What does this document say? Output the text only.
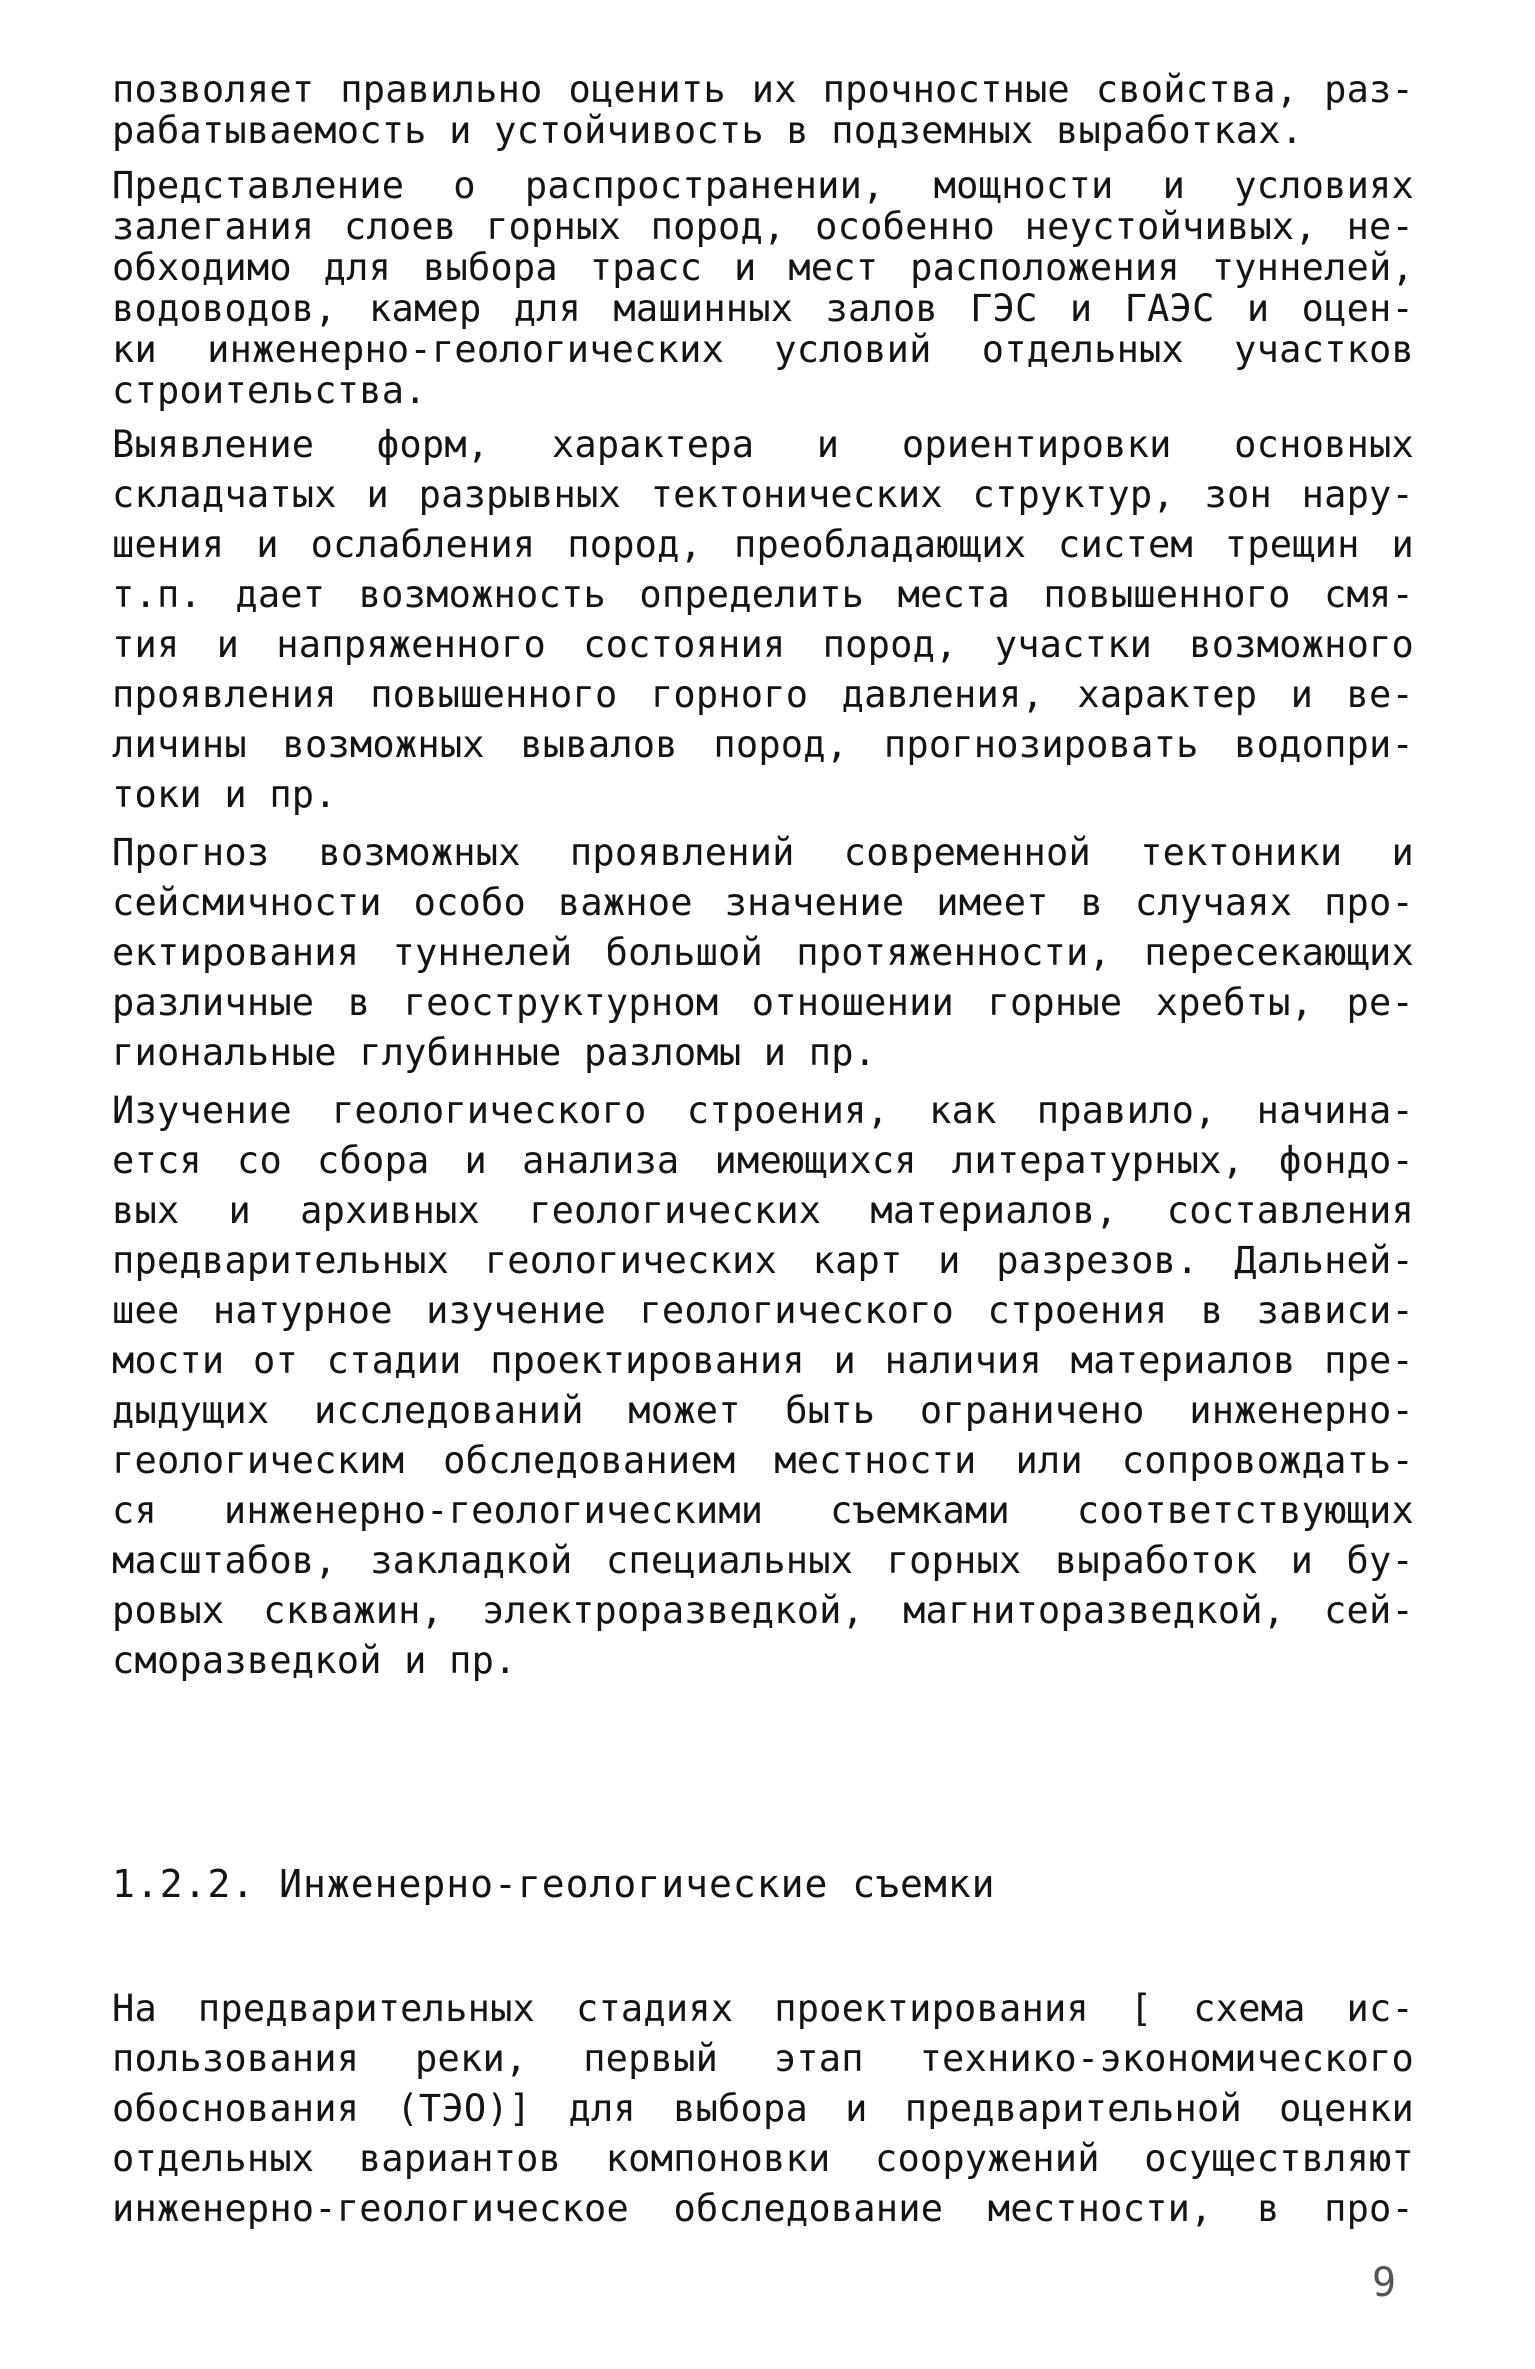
позволяет правильно оценить их прочностные свойства, раз-
рабатываемость и устойчивость в подземных выработках.
Представление о распространении, мощности и условиях
залегания слоев горных пород, особенно неустойчивых, не-
обходимо для выбора трасс и мест расположения туннелей,
водоводов, камер для машинных залов ГЭС и ГАЭС и оцен-
ки инженерно-геологических условий отдельных участков
строительства.
Выявление форм, характера и ориентировки основных
складчатых и разрывных тектонических структур, зон нару-
шения и ослабления пород, преобладающих систем трещин и
т.п. дает возможность определить места повышенного смя-
тия и напряженного состояния пород, участки возможного
проявления повышенного горного давления, характер и ве-
личины возможных вывалов пород, прогнозировать водопри-
токи и пр.
Прогноз возможных проявлений современной тектоники и
сейсмичности особо важное значение имеет в случаях про-
ектирования туннелей большой протяженности, пересекающих
различные в геоструктурном отношении горные хребты, ре-
гиональные глубинные разломы и пр.
Изучение геологического строения, как правило, начина-
ется со сбора и анализа имеющихся литературных, фондо-
вых и архивных геологических материалов, составления
предварительных геологических карт и разрезов. Дальней-
шее натурное изучение геологического строения в зависи-
мости от стадии проектирования и наличия материалов пре-
дыдущих исследований может быть ограничено инженерно-
геологическим обследованием местности или сопровождать-
ся инженерно-геологическими съемками соответствующих
масштабов, закладкой специальных горных выработок и бу-
ровых скважин, электроразведкой, магниторазведкой, сей-
сморазведкой и пр.
1.2.2. Инженерно-геологические съемки
На предварительных стадиях проектирования [ схема ис-
пользования реки, первый этап технико-экономического
обоснования (ТЭО)] для выбора и предварительной оценки
отдельных вариантов компоновки сооружений осуществляют
инженерно-геологическое обследование местности, в про-
9
